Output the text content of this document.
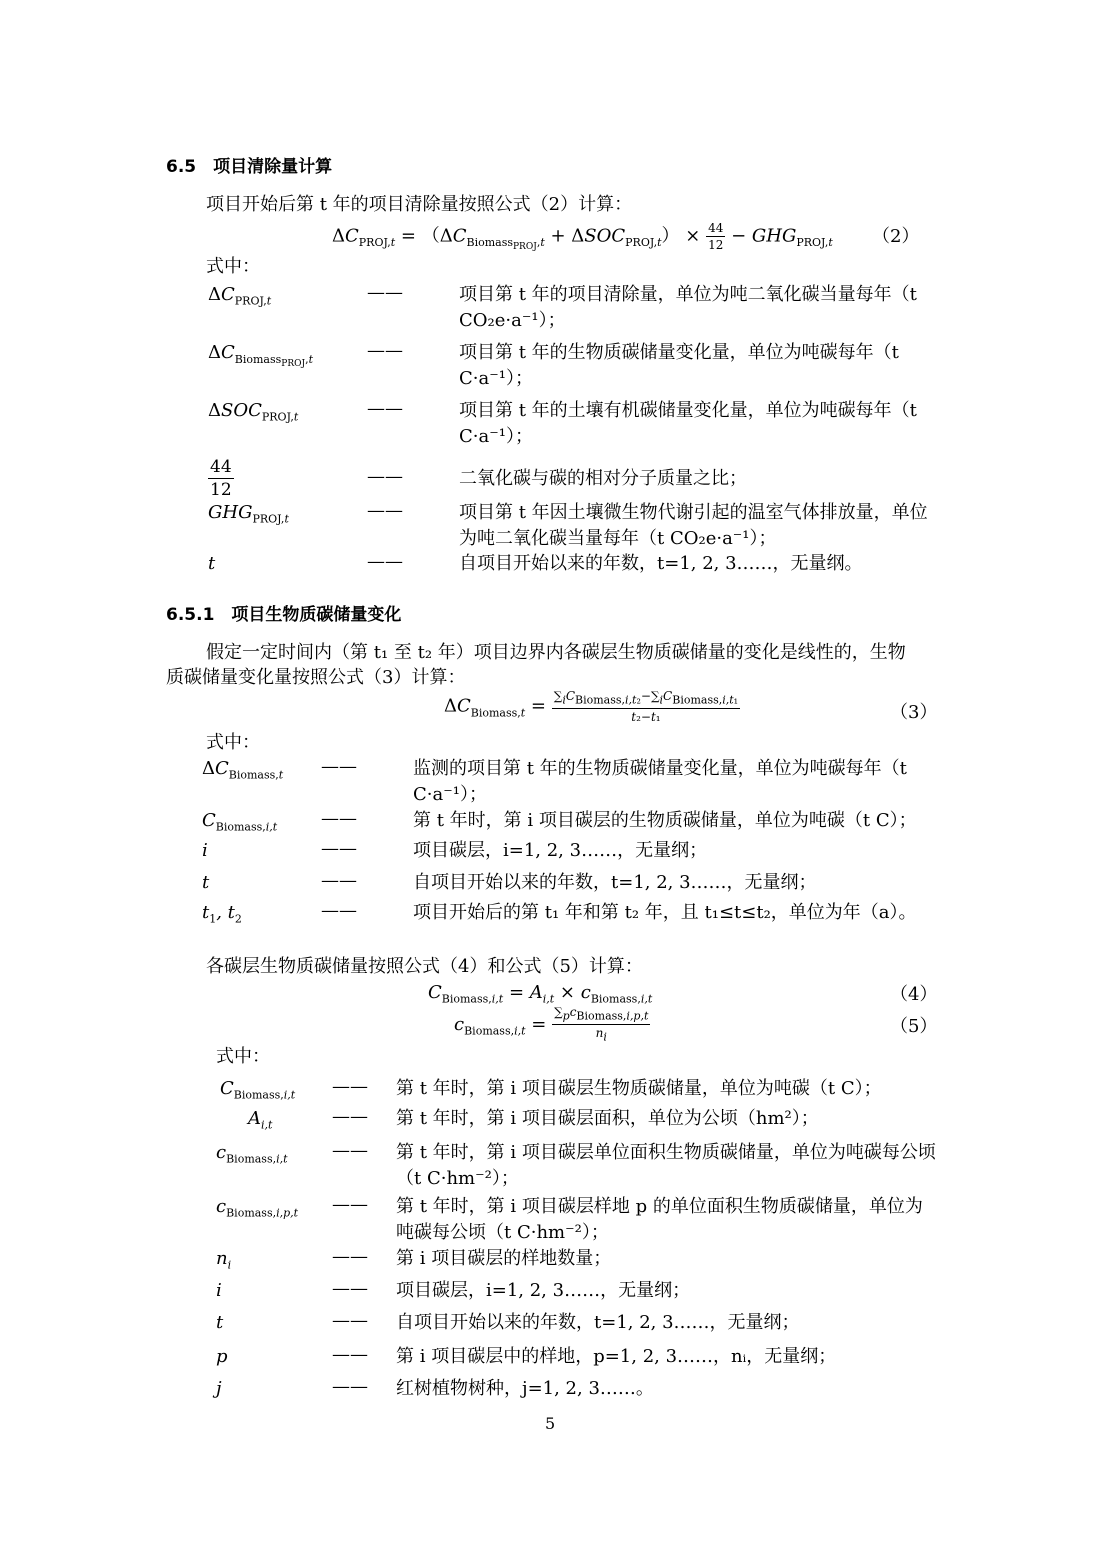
6.5　项目清除量计算
项目开始后第 t 年的项目清除量按照公式（2）计算：
$\Delta C_{PROJ,t} = (\Delta C_{Biomass_{PROJ},t} + \Delta SOC_{PROJ,t}) \times \frac{44}{12} - GHG_{PROJ,t}$ （2）
式中：
$\Delta C_{PROJ,t}$	——	项目第 t 年的项目清除量，单位为吨二氧化碳当量每年（t CO₂e·a⁻¹）；
$\Delta C_{Biomass_{PROJ},t}$	——	项目第 t 年的生物质碳储量变化量，单位为吨碳每年（t C·a⁻¹）；
$\Delta SOC_{PROJ,t}$	——	项目第 t 年的土壤有机碳储量变化量，单位为吨碳每年（t C·a⁻¹）；
$\frac{44}{12}$	——	二氧化碳与碳的相对分子质量之比；
$GHG_{PROJ,t}$	——	项目第 t 年因土壤微生物代谢引起的温室气体排放量，单位为吨二氧化碳当量每年（t CO₂e·a⁻¹）；
t	——	自项目开始以来的年数，t=1, 2, 3……，无量纲。
6.5.1　项目生物质碳储量变化
假定一定时间内（第 t₁ 至 t₂ 年）项目边界内各碳层生物质碳储量的变化是线性的，生物
质碳储量变化量按照公式（3）计算：
$\Delta C_{Biomass,t} = \frac{\sum_iC_{Biomass,i,t_2}-\sum_iC_{Biomass,i,t_1}}{\text{t₂−t₁}}$	（3）
式中：
$\Delta C_{Biomass,t}$ ——	监测的项目第 t 年的生物质碳储量变化量，单位为吨碳每年（t C·a⁻¹）；
$C_{Biomass,i,t}$ ——	第 t 年时，第 i 项目碳层的生物质碳储量，单位为吨碳（t C）；
i	——	项目碳层，i=1, 2, 3……，无量纲；
t	——	自项目开始以来的年数，t=1, 2, 3……，无量纲；
$t_1$, $t_2$	——	项目开始后的第 t₁ 年和第 t₂ 年，且 t₁≤t≤t₂，单位为年（a）。
各碳层生物质碳储量按照公式（4）和公式（5）计算：
$C_{Biomass,i,t} = A_{i,t} \times c_{Biomass,i,t}$	（4）
$c_{Biomass,i,t} = \frac{\sum_pc_{Biomass,i,p,t}}{n_i}$	（5）
式中：
$C_{Biomass,i,t}$ —— 第 t 年时，第 i 项目碳层生物质碳储量，单位为吨碳（t C）；
$A_{i,t}$	—— 第 t 年时，第 i 项目碳层面积，单位为公顷（hm²）；
$c_{Biomass,i,t}$ —— 第 t 年时，第 i 项目碳层单位面积生物质碳储量，单位为吨碳每公顷（t C·hm⁻²）；
$c_{Biomass,i,p,t}$ —— 第 t 年时，第 i 项目碳层样地 p 的单位面积生物质碳储量，单位为吨碳每公顷（t C·hm⁻²）；
$n_i$	—— 第 i 项目碳层的样地数量；
i	—— 项目碳层，i=1, 2, 3……，无量纲；
t	—— 自项目开始以来的年数，t=1, 2, 3……，无量纲；
p	—— 第 i 项目碳层中的样地，p=1, 2, 3……，nᵢ，无量纲；
j	—— 红树植物树种，j=1, 2, 3……。
5
